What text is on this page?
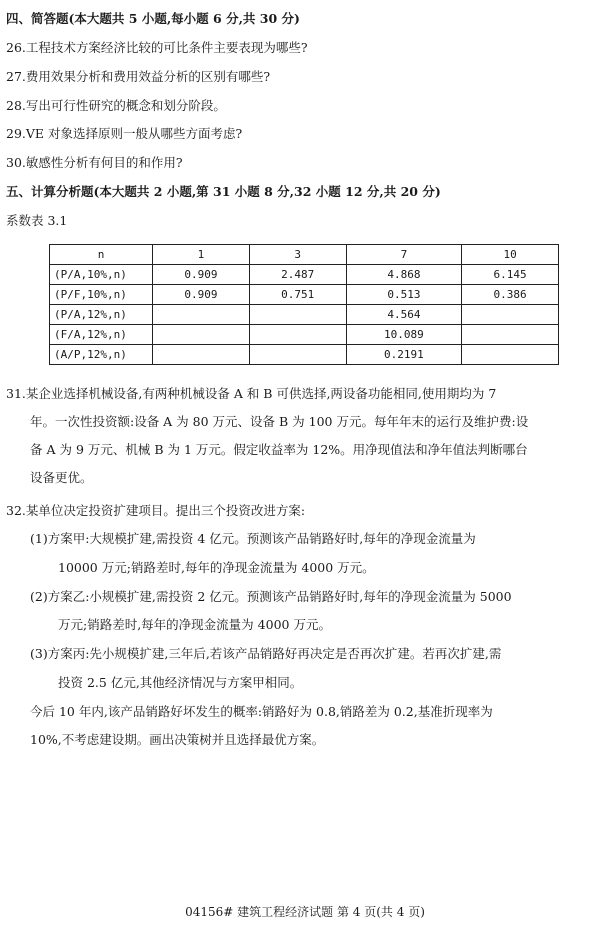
四、简答题(本大题共 5 小题,每小题 6 分,共 30 分)
26.工程技术方案经济比较的可比条件主要表现为哪些?
27.费用效果分析和费用效益分析的区别有哪些?
28.写出可行性研究的概念和划分阶段。
29.VE 对象选择原则一般从哪些方面考虑?
30.敏感性分析有何目的和作用?
五、计算分析题(本大题共 2 小题,第 31 小题 8 分,32 小题 12 分,共 20 分)
系数表 3.1
n	1	3	7	10
(P/A,10%,n)	0.909	2.487	4.868	6.145
(P/F,10%,n)	0.909	0.751	0.513	0.386
(P/A,12%,n)			4.564	
(F/A,12%,n)			10.089	
(A/P,12%,n)			0.2191	
31.某企业选择机械设备,有两种机械设备 A 和 B 可供选择,两设备功能相同,使用期均为 7
年。一次性投资额:设备 A 为 80 万元、设备 B 为 100 万元。每年年末的运行及维护费:设
备 A 为 9 万元、机械 B 为 1 万元。假定收益率为 12%。用净现值法和净年值法判断哪台
设备更优。
32.某单位决定投资扩建项目。提出三个投资改进方案:
(1)方案甲:大规模扩建,需投资 4 亿元。预测该产品销路好时,每年的净现金流量为
10000 万元;销路差时,每年的净现金流量为 4000 万元。
(2)方案乙:小规模扩建,需投资 2 亿元。预测该产品销路好时,每年的净现金流量为 5000
万元;销路差时,每年的净现金流量为 4000 万元。
(3)方案丙:先小规模扩建,三年后,若该产品销路好再决定是否再次扩建。若再次扩建,需
投资 2.5 亿元,其他经济情况与方案甲相同。
今后 10 年内,该产品销路好坏发生的概率:销路好为 0.8,销路差为 0.2,基准折现率为
10%,不考虑建设期。画出决策树并且选择最优方案。
04156# 建筑工程经济试题 第 4 页(共 4 页)
